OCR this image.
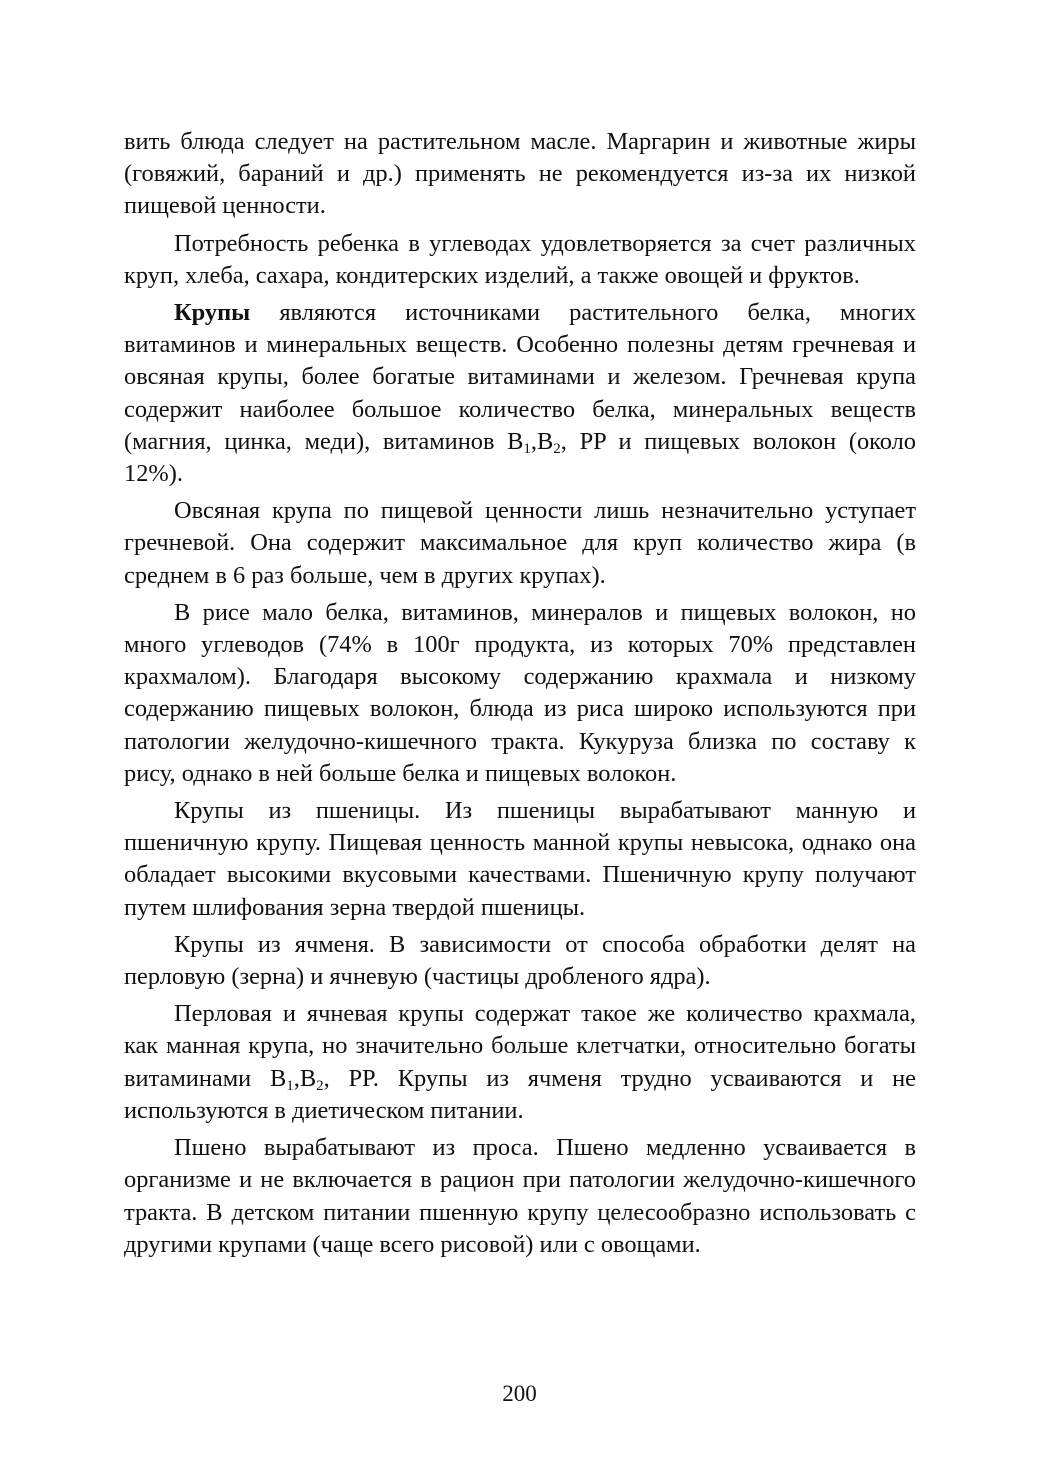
вить блюда следует на растительном масле. Маргарин и животные жиры (говяжий, бараний и др.) применять не рекомендуется из-за их низкой пищевой ценности.

Потребность ребенка в углеводах удовлетворяется за счет различных круп, хлеба, сахара, кондитерских изделий, а также овощей и фруктов.

Крупы являются источниками растительного белка, многих витаминов и минеральных веществ. Особенно полезны детям гречневая и овсяная крупы, более богатые витаминами и железом. Гречневая крупа содержит наиболее большое количество белка, минеральных веществ (магния, цинка, меди), витаминов $B_1,B_2$, PP и пищевых волокон (около 12%).

Овсяная крупа по пищевой ценности лишь незначительно уступает гречневой. Она содержит максимальное для круп количество жира (в среднем в 6 раз больше, чем в других крупах).

В рисе мало белка, витаминов, минералов и пищевых волокон, но много углеводов (74% в 100г продукта, из которых 70% представлен крахмалом). Благодаря высокому содержанию крахмала и низкому содержанию пищевых волокон, блюда из риса широко используются при патологии желудочно-кишечного тракта. Кукуруза близка по составу к рису, однако в ней больше белка и пищевых волокон.

Крупы из пшеницы. Из пшеницы вырабатывают манную и пшеничную крупу. Пищевая ценность манной крупы невысока, однако она обладает высокими вкусовыми качествами. Пшеничную крупу получают путем шлифования зерна твердой пшеницы.

Крупы из ячменя. В зависимости от способа обработки делят на перловую (зерна) и ячневую (частицы дробленого ядра).

Перловая и ячневая крупы содержат такое же количество крахмала, как манная крупа, но значительно больше клетчатки, относительно богаты витаминами $B_1,B_2$, PP. Крупы из ячменя трудно усваиваются и не используются в диетическом питании.

Пшено вырабатывают из проса. Пшено медленно усваивается в организме и не включается в рацион при патологии желудочно-кишечного тракта. В детском питании пшенную крупу целесообразно использовать с другими крупами (чаще всего рисовой) или с овощами.

200
